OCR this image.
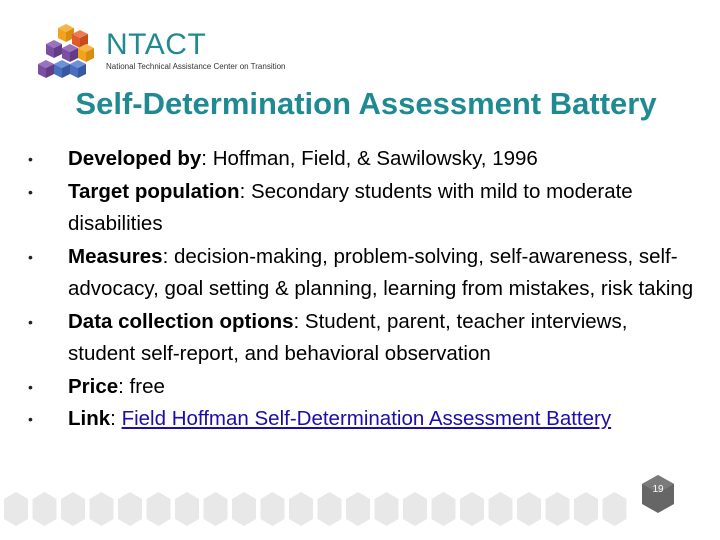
NTACT
National Technical Assistance Center on Transition
Self-Determination Assessment Battery
• Developed by: Hoffman, Field, & Sawilowsky, 1996
• Target population: Secondary students with mild to moderate disabilities
• Measures: decision-making, problem-solving, self-awareness, self-advocacy, goal setting & planning, learning from mistakes, risk taking
• Data collection options: Student, parent, teacher interviews, student self-report, and behavioral observation
• Price: free
• Link: Field Hoffman Self-Determination Assessment Battery
19
